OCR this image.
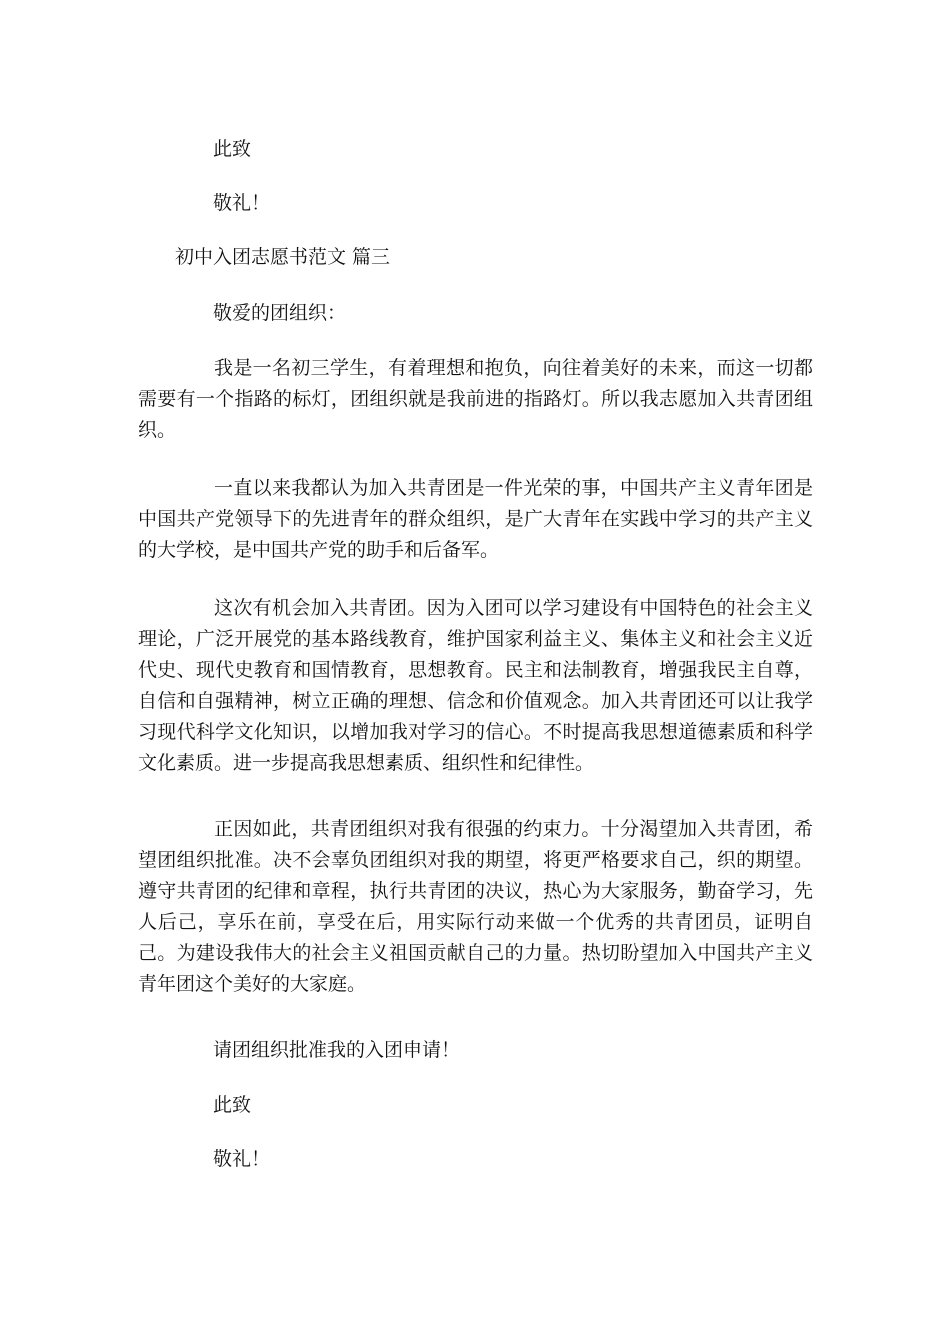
此致

敬礼！

初中入团志愿书范文 篇三

敬爱的团组织：

我是一名初三学生，有着理想和抱负，向往着美好的未来，而这一切都需要有一个指路的标灯，团组织就是我前进的指路灯。所以我志愿加入共青团组织。

一直以来我都认为加入共青团是一件光荣的事，中国共产主义青年团是中国共产党领导下的先进青年的群众组织，是广大青年在实践中学习的共产主义的大学校，是中国共产党的助手和后备军。

这次有机会加入共青团。因为入团可以学习建设有中国特色的社会主义理论，广泛开展党的基本路线教育，维护国家利益主义、集体主义和社会主义近代史、现代史教育和国情教育，思想教育。民主和法制教育，增强我民主自尊，自信和自强精神，树立正确的理想、信念和价值观念。加入共青团还可以让我学习现代科学文化知识，以增加我对学习的信心。不时提高我思想道德素质和科学文化素质。进一步提高我思想素质、组织性和纪律性。

正因如此，共青团组织对我有很强的约束力。十分渴望加入共青团，希望团组织批准。决不会辜负团组织对我的期望，将更严格要求自己，织的期望。遵守共青团的纪律和章程，执行共青团的决议，热心为大家服务，勤奋学习，先人后己，享乐在前，享受在后，用实际行动来做一个优秀的共青团员，证明自己。为建设我伟大的社会主义祖国贡献自己的力量。热切盼望加入中国共产主义青年团这个美好的大家庭。

请团组织批准我的入团申请！

此致

敬礼！
